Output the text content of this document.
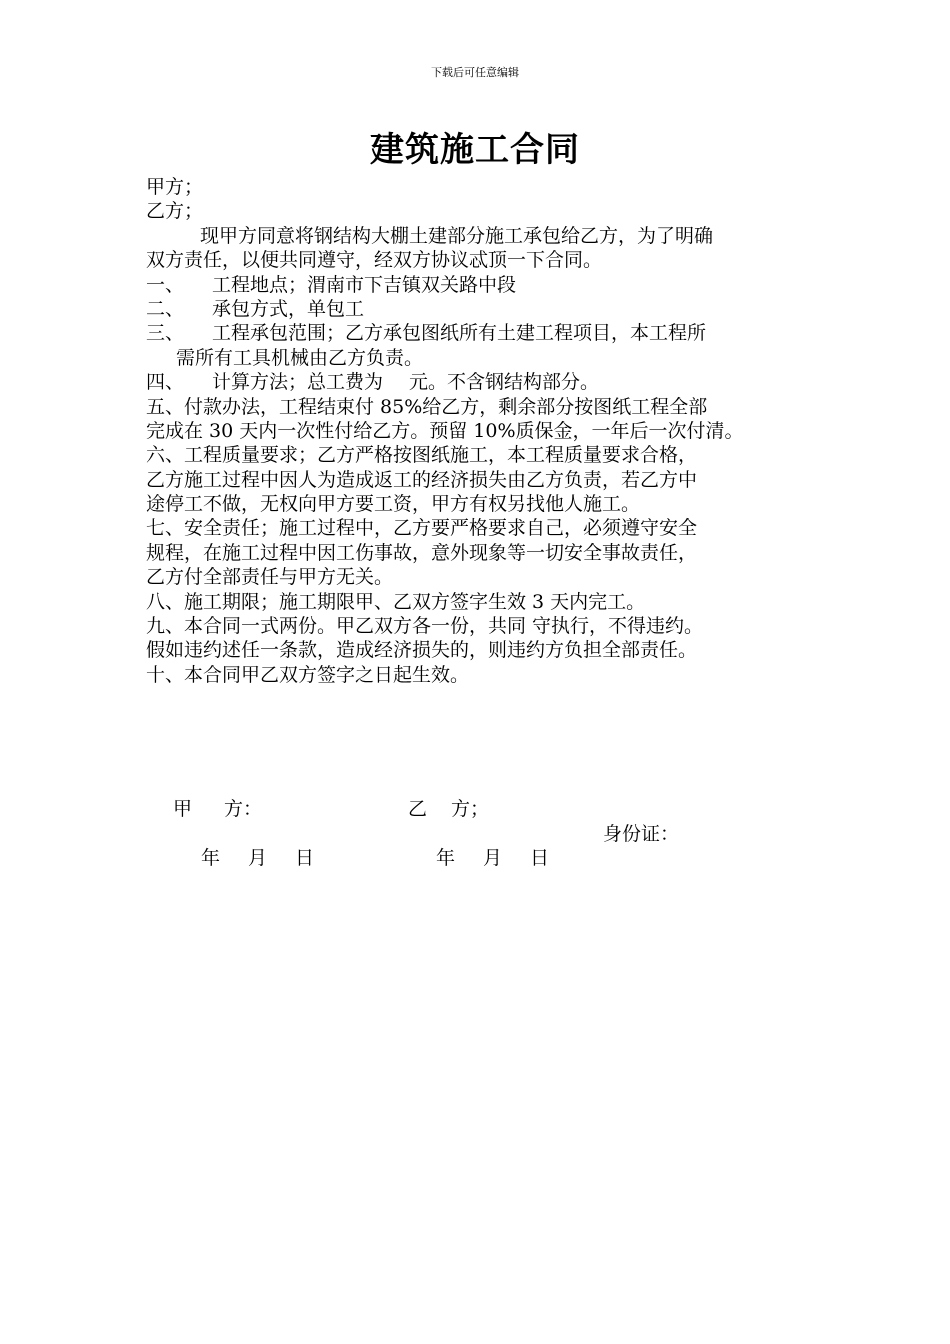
下载后可任意编辑
建筑施工合同
甲方；
乙方；
现甲方同意将钢结构大棚土建部分施工承包给乙方，为了明确
双方责任，以便共同遵守，经双方协议忒顶一下合同。
一、 工程地点；渭南市下吉镇双关路中段
二、 承包方式，单包工
三、 工程承包范围；乙方承包图纸所有土建工程项目，本工程所
需所有工具机械由乙方负责。
四、 计算方法；总工费为 元。不含钢结构部分。
五、付款办法，工程结束付 85%给乙方，剩余部分按图纸工程全部
完成在 30 天内一次性付给乙方。预留 10%质保金，一年后一次付清。
六、工程质量要求；乙方严格按图纸施工，本工程质量要求合格，
乙方施工过程中因人为造成返工的经济损失由乙方负责，若乙方中
途停工不做，无权向甲方要工资，甲方有权另找他人施工。
七、安全责任；施工过程中，乙方要严格要求自己，必须遵守安全
规程，在施工过程中因工伤事故，意外现象等一切安全事故责任，
乙方付全部责任与甲方无关。
八、施工期限；施工期限甲、乙双方签字生效 3 天内完工。
九、本合同一式两份。甲乙双方各一份，共同 守执行，不得违约。
假如违约述任一条款，造成经济损失的，则违约方负担全部责任。
十、本合同甲乙双方签字之日起生效。
甲 方：	乙 方；
身份证：
年 月 日	年 月 日
